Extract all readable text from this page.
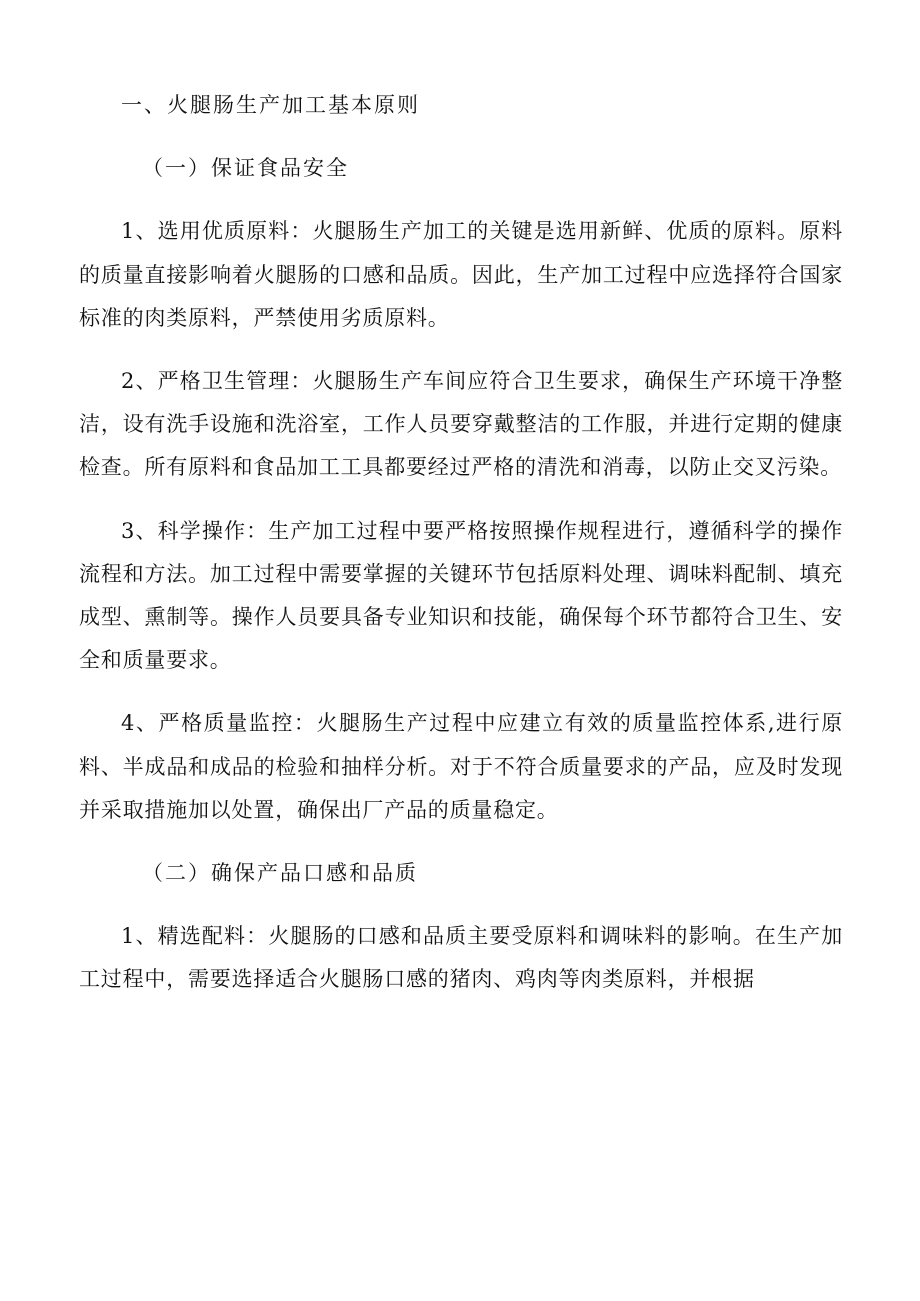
一、火腿肠生产加工基本原则

（一）保证食品安全

1、选用优质原料：火腿肠生产加工的关键是选用新鲜、优质的原料。原料的质量直接影响着火腿肠的口感和品质。因此，生产加工过程中应选择符合国家标准的肉类原料，严禁使用劣质原料。

2、严格卫生管理：火腿肠生产车间应符合卫生要求，确保生产环境干净整洁，设有洗手设施和洗浴室，工作人员要穿戴整洁的工作服，并进行定期的健康检查。所有原料和食品加工工具都要经过严格的清洗和消毒，以防止交叉污染。

3、科学操作：生产加工过程中要严格按照操作规程进行，遵循科学的操作流程和方法。加工过程中需要掌握的关键环节包括原料处理、调味料配制、填充成型、熏制等。操作人员要具备专业知识和技能，确保每个环节都符合卫生、安全和质量要求。

4、严格质量监控：火腿肠生产过程中应建立有效的质量监控体系,进行原料、半成品和成品的检验和抽样分析。对于不符合质量要求的产品，应及时发现并采取措施加以处置，确保出厂产品的质量稳定。

（二）确保产品口感和品质

1、精选配料：火腿肠的口感和品质主要受原料和调味料的影响。在生产加工过程中，需要选择适合火腿肠口感的猪肉、鸡肉等肉类原料，并根据
